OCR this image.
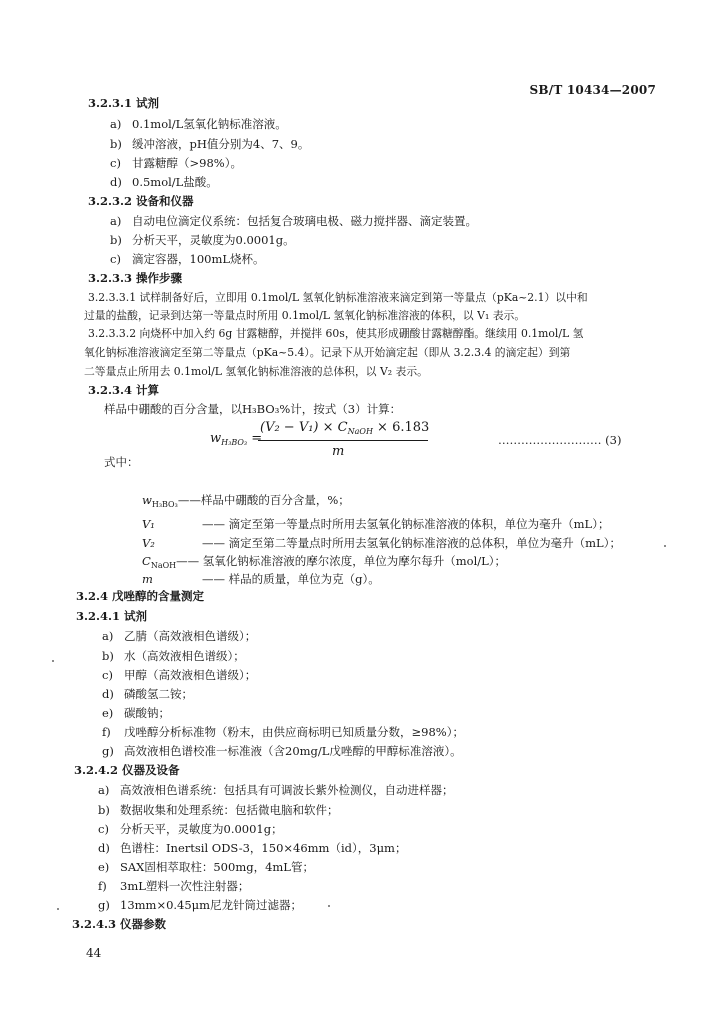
SB/T 10434—2007
3.2.3.1 试剂
a) 0.1mol/L氢氧化钠标准溶液。
b) 缓冲溶液，pH值分别为4、7、9。
c) 甘露糖醇（>98%）。
d) 0.5mol/L盐酸。
3.2.3.2 设备和仪器
a) 自动电位滴定仪系统：包括复合玻璃电极、磁力搅拌器、滴定装置。
b) 分析天平，灵敏度为0.0001g。
c) 滴定容器，100mL烧杯。
3.2.3.3 操作步骤
3.2.3.3.1 试样制备好后，立即用 0.1mol/L 氢氧化钠标准溶液来滴定到第一等量点（pKa~2.1）以中和
过量的盐酸，记录到达第一等量点时所用 0.1mol/L 氢氧化钠标准溶液的体积，以 V₁ 表示。
3.2.3.3.2 向烧杯中加入约 6g 甘露糖醇，并搅拌 60s，使其形成硼酸甘露糖醇酯。继续用 0.1mol/L 氢
氧化钠标准溶液滴定至第二等量点（pKa~5.4）。记录下从开始滴定起（即从 3.2.3.4 的滴定起）到第
二等量点止所用去 0.1mol/L 氢氧化钠标准溶液的总体积，以 V₂ 表示。
3.2.3.4 计算
样品中硼酸的百分含量，以H₃BO₃%计，按式（3）计算：
$w_{H_3BO_3}$ =
$(V_2 - V_1) \times C_{NaOH} \times 6.183$
m
……………………… (3)
式中：
$w_{H_3BO_3}——$样品中硼酸的百分含量，%；
V₁	—— 滴定至第一等量点时所用去氢氧化钠标准溶液的体积，单位为毫升（mL）；
V₂	—— 滴定至第二等量点时所用去氢氧化钠标准溶液的总体积，单位为毫升（mL）；
$C_{NaOH}——$ 氢氧化钠标准溶液的摩尔浓度，单位为摩尔每升（mol/L）；
m	—— 样品的质量，单位为克（g）。
3.2.4 戊唑醇的含量测定
3.2.4.1 试剂
a) 乙腈（高效液相色谱级）；
b) 水（高效液相色谱级）；
c) 甲醇（高效液相色谱级）；
d) 磷酸氢二铵；
e) 碳酸钠；
f) 戊唑醇分析标准物（粉末，由供应商标明已知质量分数，≥98%）；
g) 高效液相色谱校准一标准液（含20mg/L戊唑醇的甲醇标准溶液）。
3.2.4.2 仪器及设备
a) 高效液相色谱系统：包括具有可调波长紫外检测仪，自动进样器；
b) 数据收集和处理系统：包括微电脑和软件；
c) 分析天平，灵敏度为0.0001g；
d) 色谱柱：Inertsil ODS-3，150×46mm（id），3μm；
e) SAX固相萃取柱：500mg，4mL管；
f) 3mL塑料一次性注射器；
g) 13mm×0.45μm尼龙针筒过滤器；
3.2.4.3 仪器参数
44
